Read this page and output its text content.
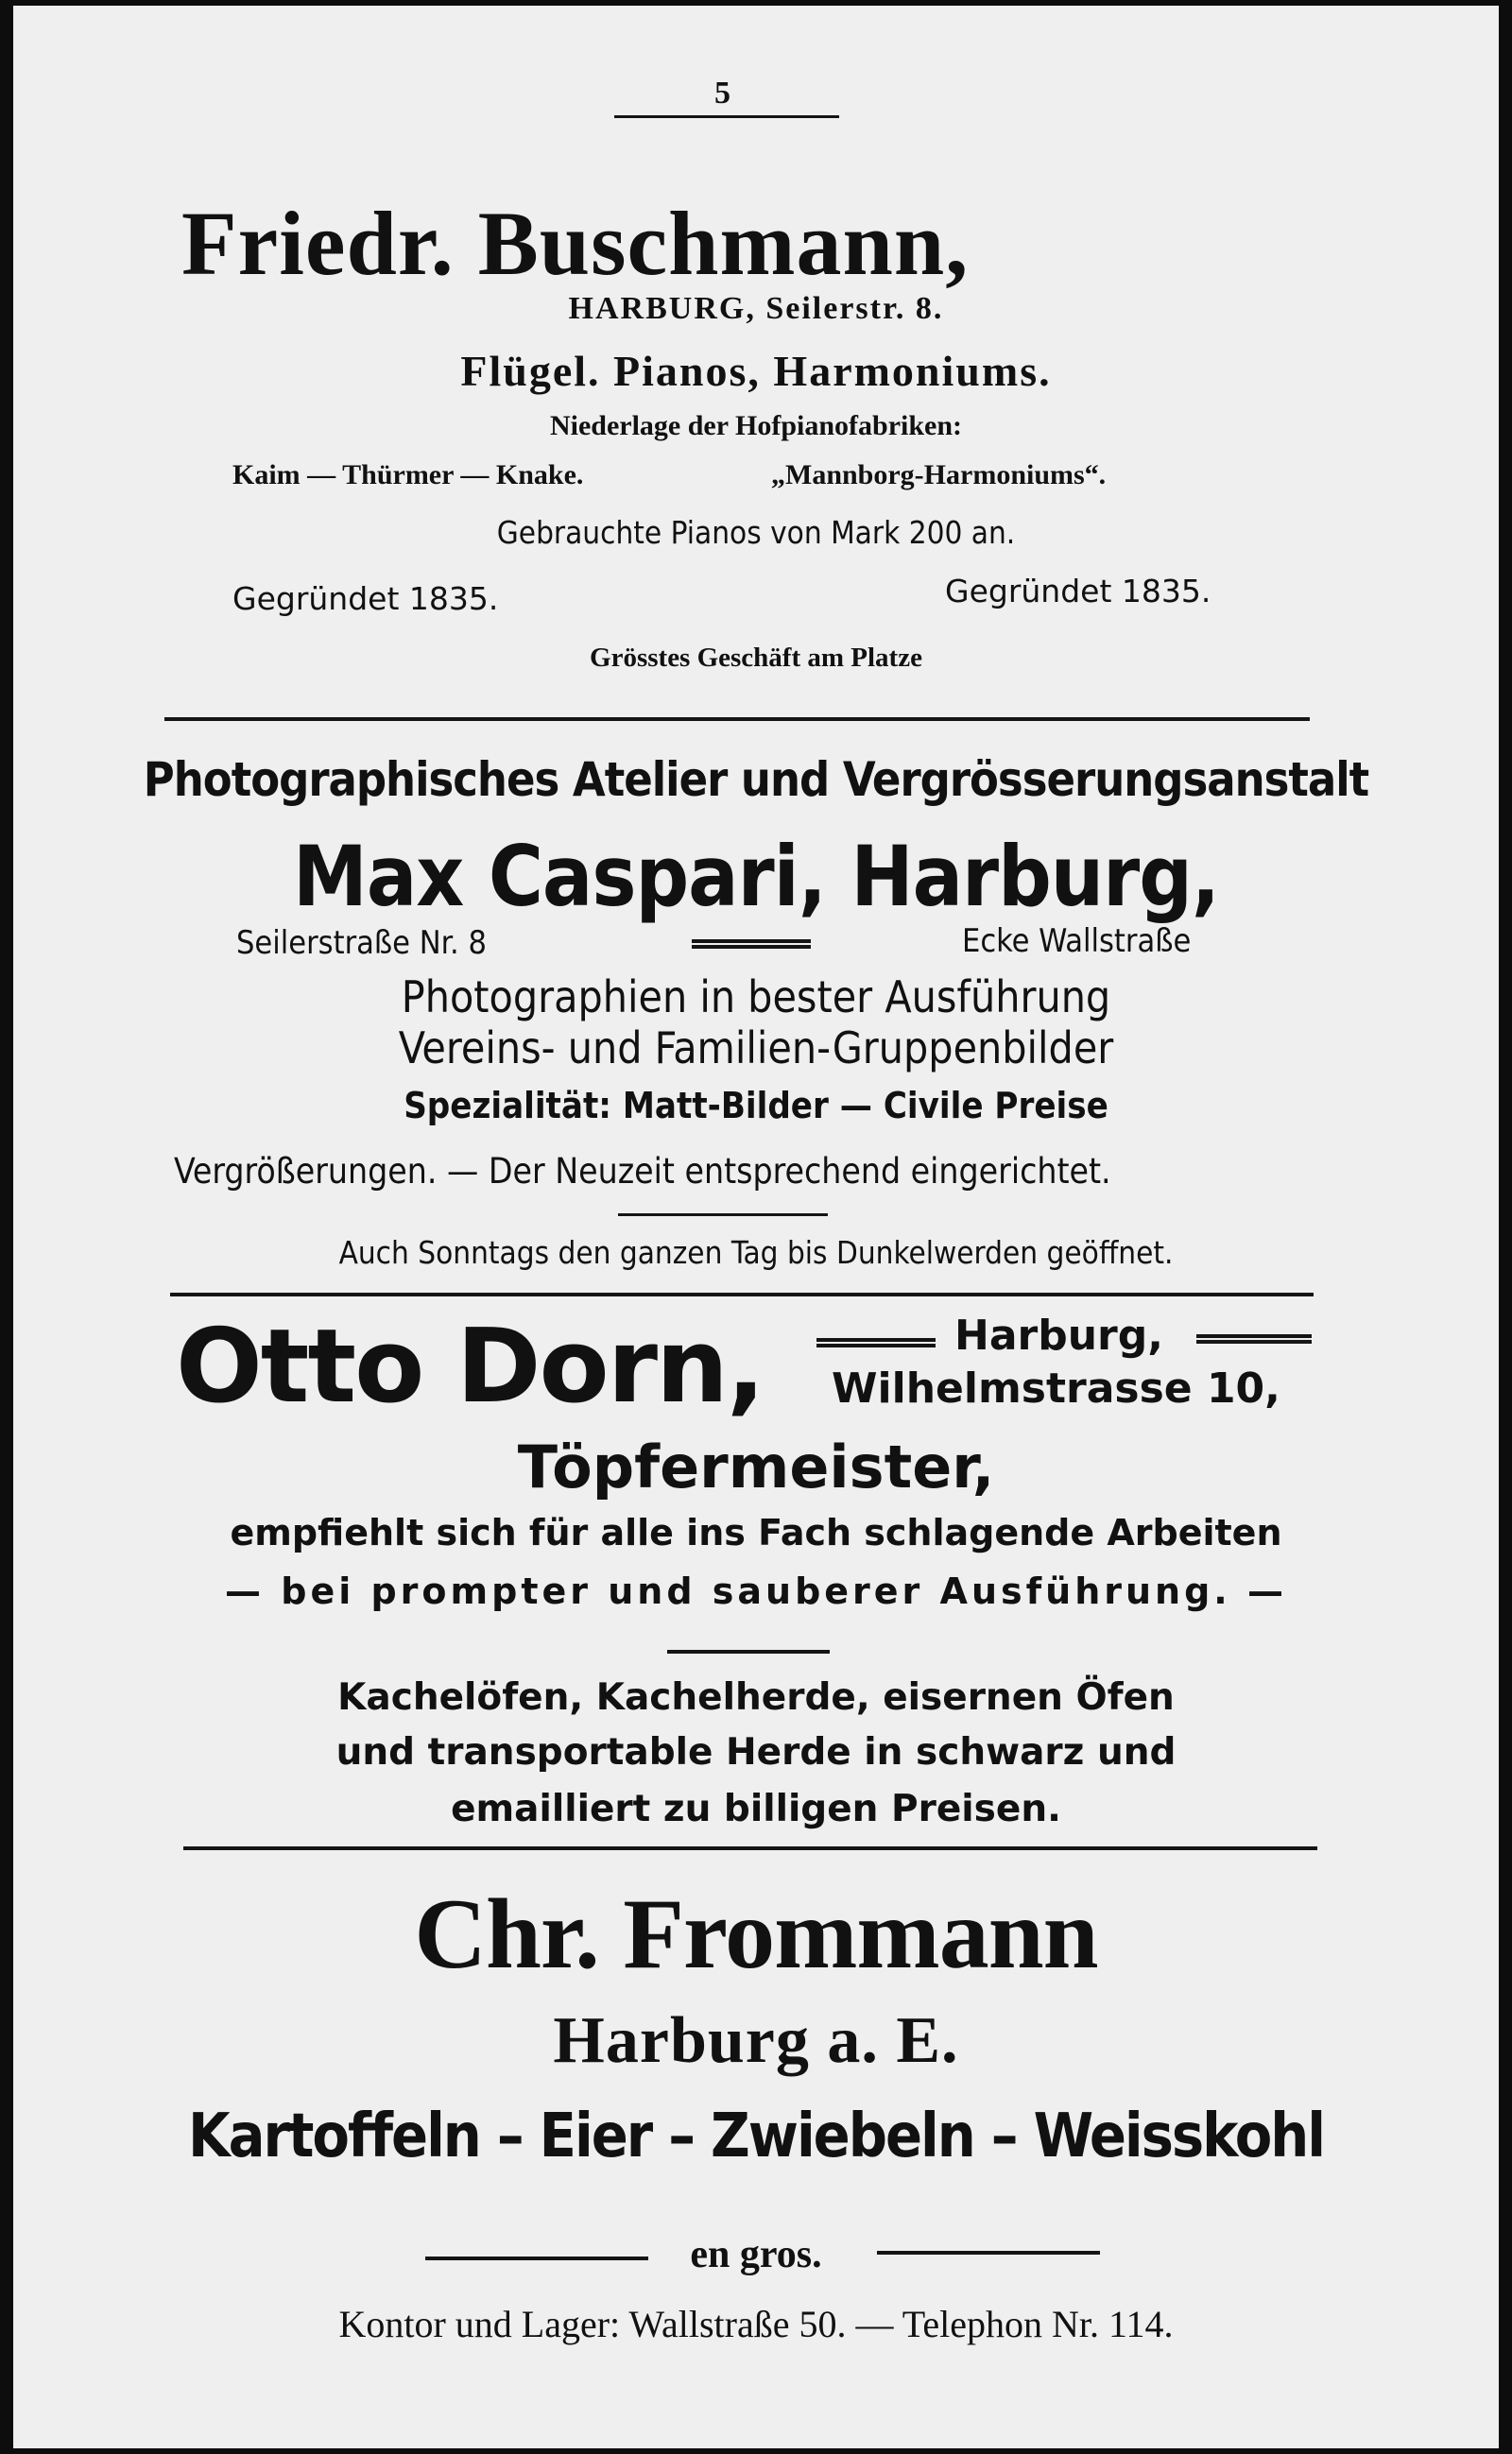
5
Friedr. Buschmann,
HARBURG, Seilerstr. 8.
Flügel. Pianos, Harmoniums.
Niederlage der Hofpianofabriken:
Kaim — Thürmer — Knake.	„Mannborg-Harmoniums“.
Gebrauchte Pianos von Mark 200 an.
Gegründet 1835.	Gegründet 1835.
Grösstes Geschäft am Platze
Photographisches Atelier und Vergrösserungsanstalt
Max Caspari, Harburg,
Seilerstraße Nr. 8	Ecke Wallstraße
Photographien in bester Ausführung
Vereins- und Familien-Gruppenbilder
Spezialität: Matt-Bilder — Civile Preise
Vergrößerungen. — Der Neuzeit entsprechend eingerichtet.
Auch Sonntags den ganzen Tag bis Dunkelwerden geöffnet.
Otto Dorn,	Harburg,
Wilhelmstrasse 10,
Töpfermeister,
empfiehlt sich für alle ins Fach schlagende Arbeiten
— bei prompter und sauberer Ausführung. —
Kachelöfen, Kachelherde, eisernen Öfen
und transportable Herde in schwarz und
emailliert zu billigen Preisen.
Chr. Frommann
Harburg a. E.
Kartoffeln – Eier – Zwiebeln – Weisskohl
en gros.
Kontor und Lager: Wallstraße 50. — Telephon Nr. 114.
